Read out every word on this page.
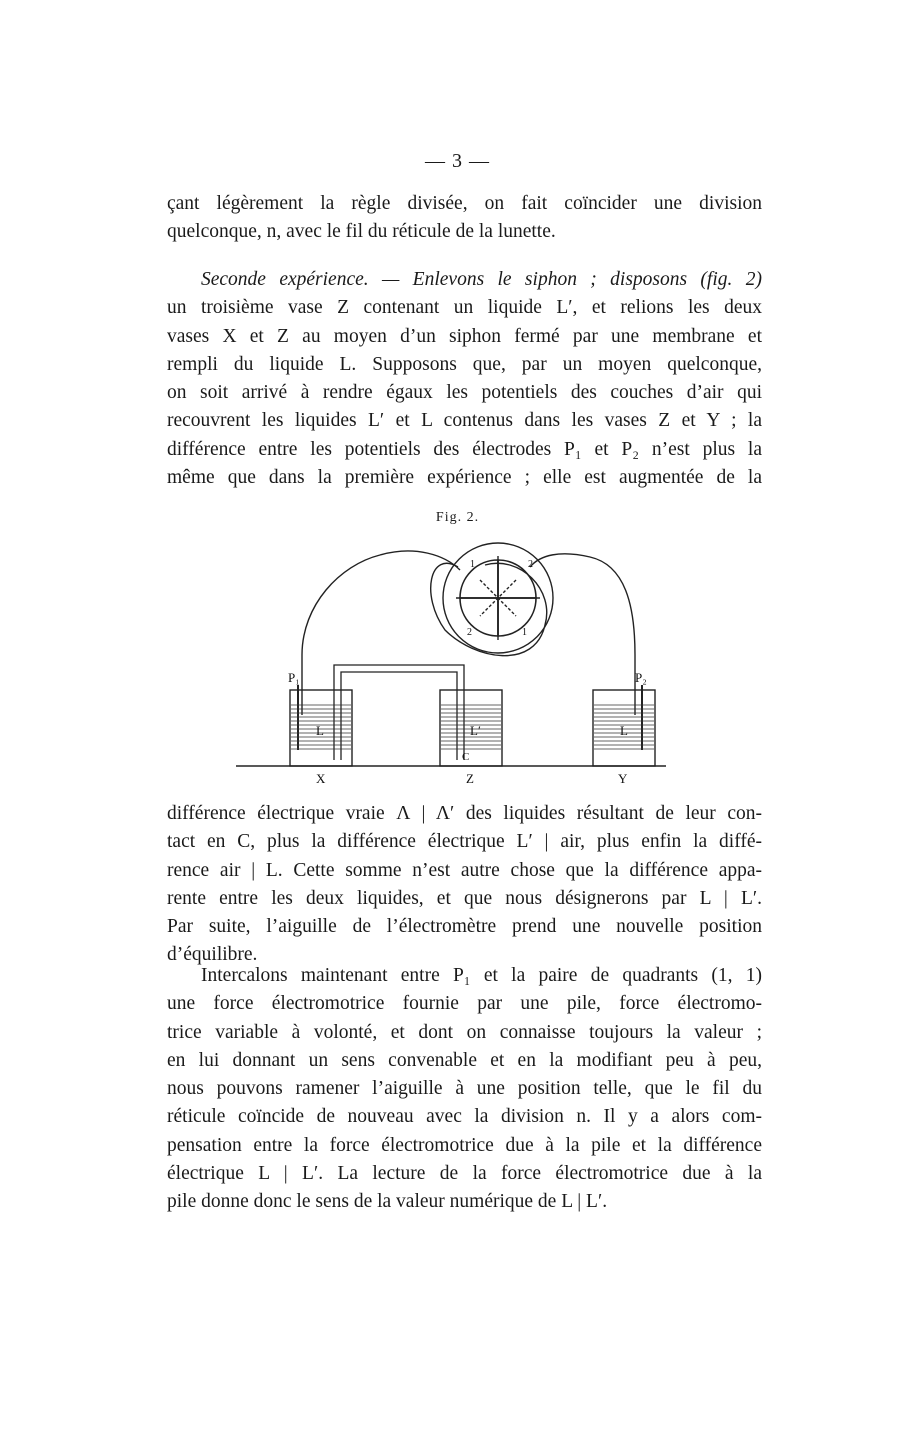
— 3 —
çant légèrement la règle divisée, on fait coïncider une division
quelconque, n, avec le fil du réticule de la lunette.
Seconde expérience. — Enlevons le siphon ; disposons (fig. 2)
un troisième vase Z contenant un liquide L′, et relions les deux
vases X et Z au moyen d’un siphon fermé par une membrane et
rempli du liquide L. Supposons que, par un moyen quelconque,
on soit arrivé à rendre égaux les potentiels des couches d’air qui
recouvrent les liquides L′ et L contenus dans les vases Z et Y ; la
différence entre les potentiels des électrodes P₁ et P₂ n’est plus la
même que dans la première expérience ; elle est augmentée de la
Fig. 2.
P₁	P₂
X	Z	Y
L	L′	L
C
1	2
2	1
différence électrique vraie Λ | Λ′ des liquides résultant de leur con-
tact en C, plus la différence électrique L′ | air, plus enfin la diffé-
rence air | L. Cette somme n’est autre chose que la différence appa-
rente entre les deux liquides, et que nous désignerons par L | L′.
Par suite, l’aiguille de l’électromètre prend une nouvelle position
d’équilibre.
Intercalons maintenant entre P₁ et la paire de quadrants (1, 1)
une force électromotrice fournie par une pile, force électromo-
trice variable à volonté, et dont on connaisse toujours la valeur ;
en lui donnant un sens convenable et en la modifiant peu à peu,
nous pouvons ramener l’aiguille à une position telle, que le fil du
réticule coïncide de nouveau avec la division n. Il y a alors com-
pensation entre la force électromotrice due à la pile et la différence
électrique L | L′. La lecture de la force électromotrice due à la
pile donne donc le sens de la valeur numérique de L | L′.
